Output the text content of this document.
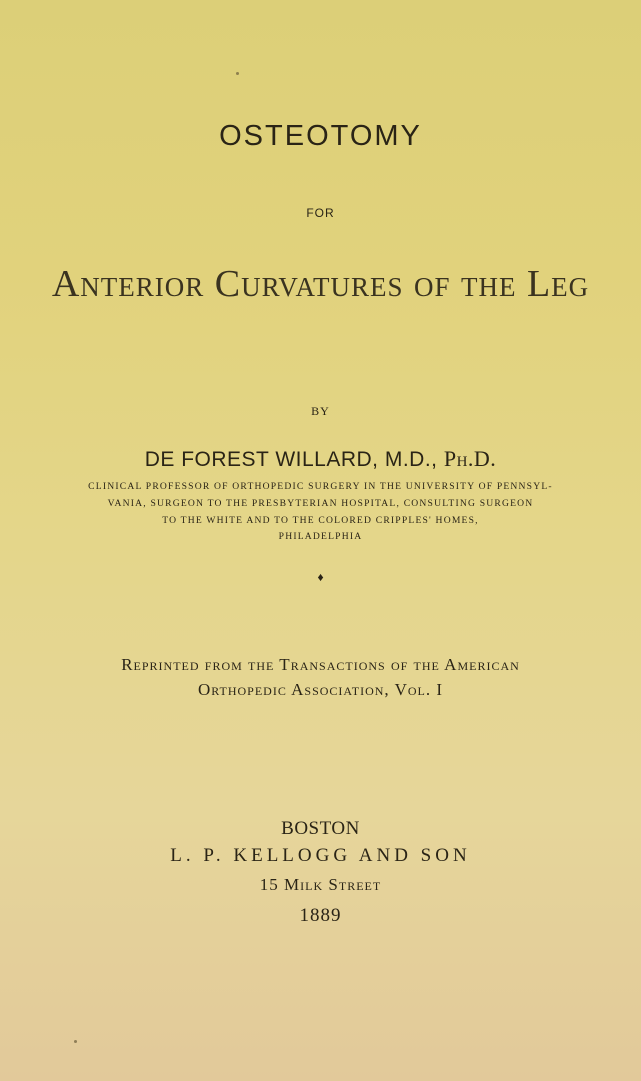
OSTEOTOMY
FOR
Anterior Curvatures of the Leg
BY
DE FOREST WILLARD, M.D., Ph.D.
CLINICAL PROFESSOR OF ORTHOPEDIC SURGERY IN THE UNIVERSITY OF PENNSYL-
VANIA, SURGEON TO THE PRESBYTERIAN HOSPITAL, CONSULTING SURGEON
TO THE WHITE AND TO THE COLORED CRIPPLES' HOMES,
PHILADELPHIA
♦
Reprinted from the Transactions of the American
Orthopedic Association, Vol. I
BOSTON
L. P. KELLOGG AND SON
15 Milk Street
1889
